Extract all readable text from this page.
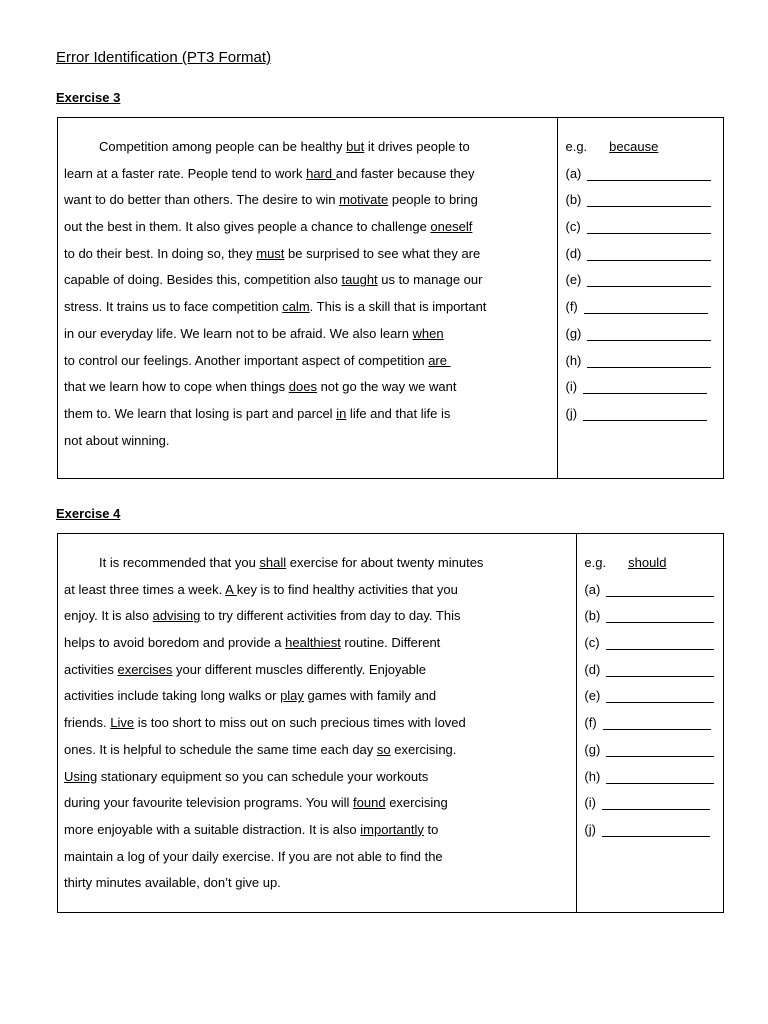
Error Identification (PT3 Format)
Exercise 3
Competition among people can be healthy but it drives people to
learn at a faster rate. People tend to work hard and faster because they
want to do better than others. The desire to win motivate people to bring
out the best in them. It also gives people a chance to challenge oneself
to do their best. In doing so, they must be surprised to see what they are
capable of doing. Besides this, competition also taught us to manage our
stress. It trains us to face competition calm. This is a skill that is important
in our everyday life. We learn not to be afraid. We also learn when
to control our feelings. Another important aspect of competition are
that we learn how to cope when things does not go the way we want
them to. We learn that losing is part and parcel in life and that life is
not about winning.
e.g. because
(a)
(b)
(c)
(d)
(e)
(f)
(g)
(h)
(i)
(j)
Exercise 4
It is recommended that you shall exercise for about twenty minutes
at least three times a week. A key is to find healthy activities that you
enjoy. It is also advising to try different activities from day to day. This
helps to avoid boredom and provide a healthiest routine. Different
activities exercises your different muscles differently. Enjoyable
activities include taking long walks or play games with family and
friends. Live is too short to miss out on such precious times with loved
ones. It is helpful to schedule the same time each day so exercising.
Using stationary equipment so you can schedule your workouts
during your favourite television programs. You will found exercising
more enjoyable with a suitable distraction. It is also importantly to
maintain a log of your daily exercise. If you are not able to find the
thirty minutes available, don’t give up.
e.g. should
(a)
(b)
(c)
(d)
(e)
(f)
(g)
(h)
(i)
(j)
